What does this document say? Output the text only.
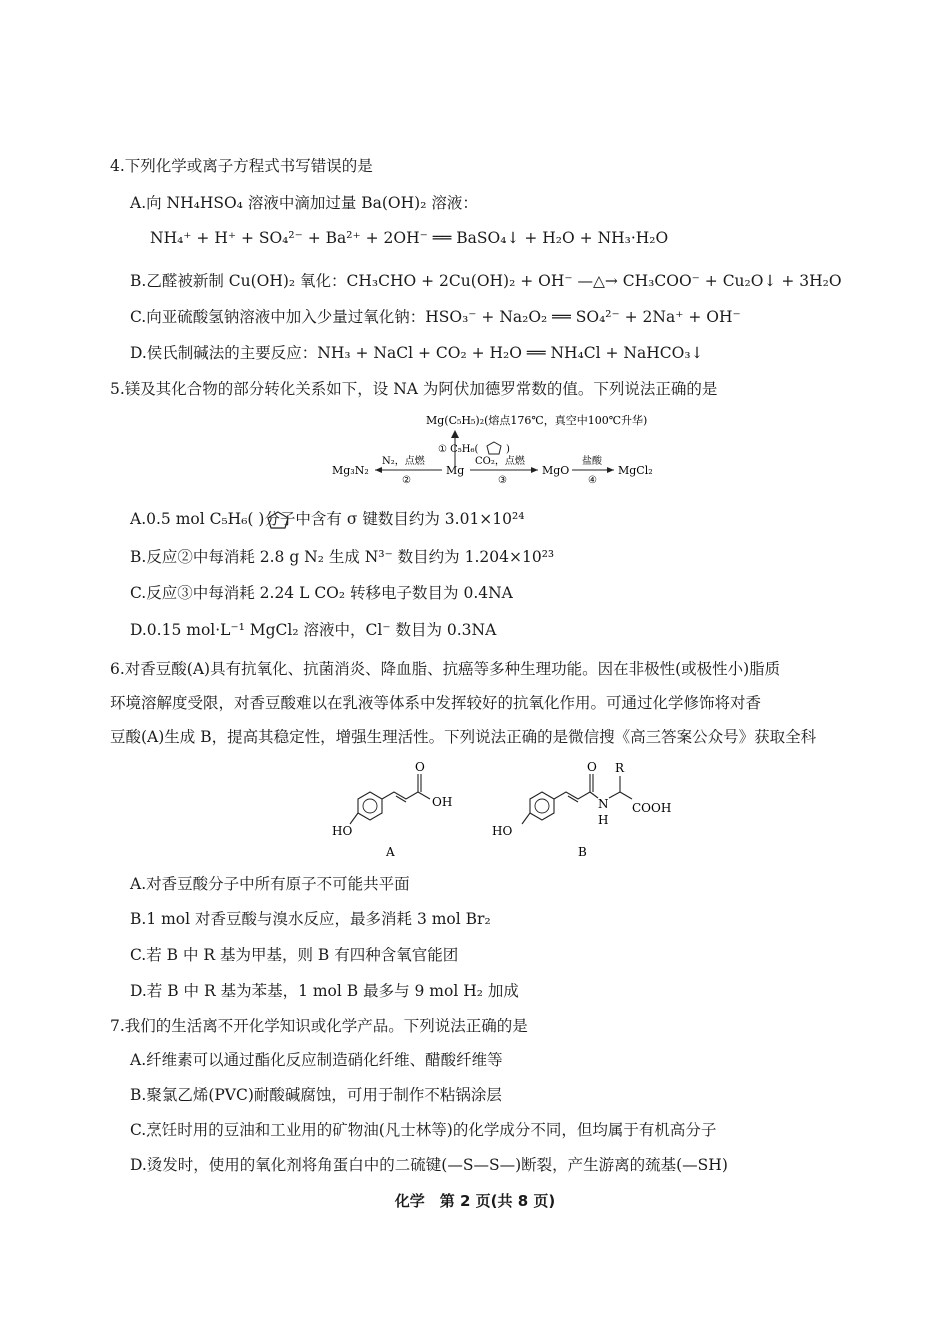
4.下列化学或离子方程式书写错误的是
A.向 NH₄HSO₄ 溶液中滴加过量 Ba(OH)₂ 溶液：
NH₄⁺ + H⁺ + SO₄²⁻ + Ba²⁺ + 2OH⁻ ══ BaSO₄↓ + H₂O + NH₃·H₂O
B.乙醛被新制 Cu(OH)₂ 氧化：CH₃CHO + 2Cu(OH)₂ + OH⁻ —△→ CH₃COO⁻ + Cu₂O↓ + 3H₂O
C.向亚硫酸氢钠溶液中加入少量过氧化钠：HSO₃⁻ + Na₂O₂ ══ SO₄²⁻ + 2Na⁺ + OH⁻
D.侯氏制碱法的主要反应：NH₃ + NaCl + CO₂ + H₂O ══ NH₄Cl + NaHCO₃↓
5.镁及其化合物的部分转化关系如下，设 NA 为阿伏加德罗常数的值。下列说法正确的是
Mg(C₅H₅)₂(熔点176℃，真空中100℃升华)
① C₅H₆(	)
Mg₃N₂
N₂，点燃
②
Mg
CO₂，点燃
③
MgO
盐酸
④
MgCl₂
A.0.5 mol C₅H₆( )分子中含有 σ 键数目约为 3.01×10²⁴
B.反应②中每消耗 2.8 g N₂ 生成 N³⁻ 数目约为 1.204×10²³
C.反应③中每消耗 2.24 L CO₂ 转移电子数目为 0.4NA
D.0.15 mol·L⁻¹ MgCl₂ 溶液中，Cl⁻ 数目为 0.3NA
6.对香豆酸(A)具有抗氧化、抗菌消炎、降血脂、抗癌等多种生理功能。因在非极性(或极性小)脂质
环境溶解度受限，对香豆酸难以在乳液等体系中发挥较好的抗氧化作用。可通过化学修饰将对香
豆酸(A)生成 B，提高其稳定性，增强生理活性。下列说法正确的是微信搜《高三答案公众号》获取全科
HO
O
OH
A
HO
O
N
H
R
COOH
B
A.对香豆酸分子中所有原子不可能共平面
B.1 mol 对香豆酸与溴水反应，最多消耗 3 mol Br₂
C.若 B 中 R 基为甲基，则 B 有四种含氧官能团
D.若 B 中 R 基为苯基，1 mol B 最多与 9 mol H₂ 加成
7.我们的生活离不开化学知识或化学产品。下列说法正确的是
A.纤维素可以通过酯化反应制造硝化纤维、醋酸纤维等
B.聚氯乙烯(PVC)耐酸碱腐蚀，可用于制作不粘锅涂层
C.烹饪时用的豆油和工业用的矿物油(凡士林等)的化学成分不同，但均属于有机高分子
D.烫发时，使用的氧化剂将角蛋白中的二硫键(—S—S—)断裂，产生游离的巯基(—SH)
化学　第 2 页(共 8 页)
